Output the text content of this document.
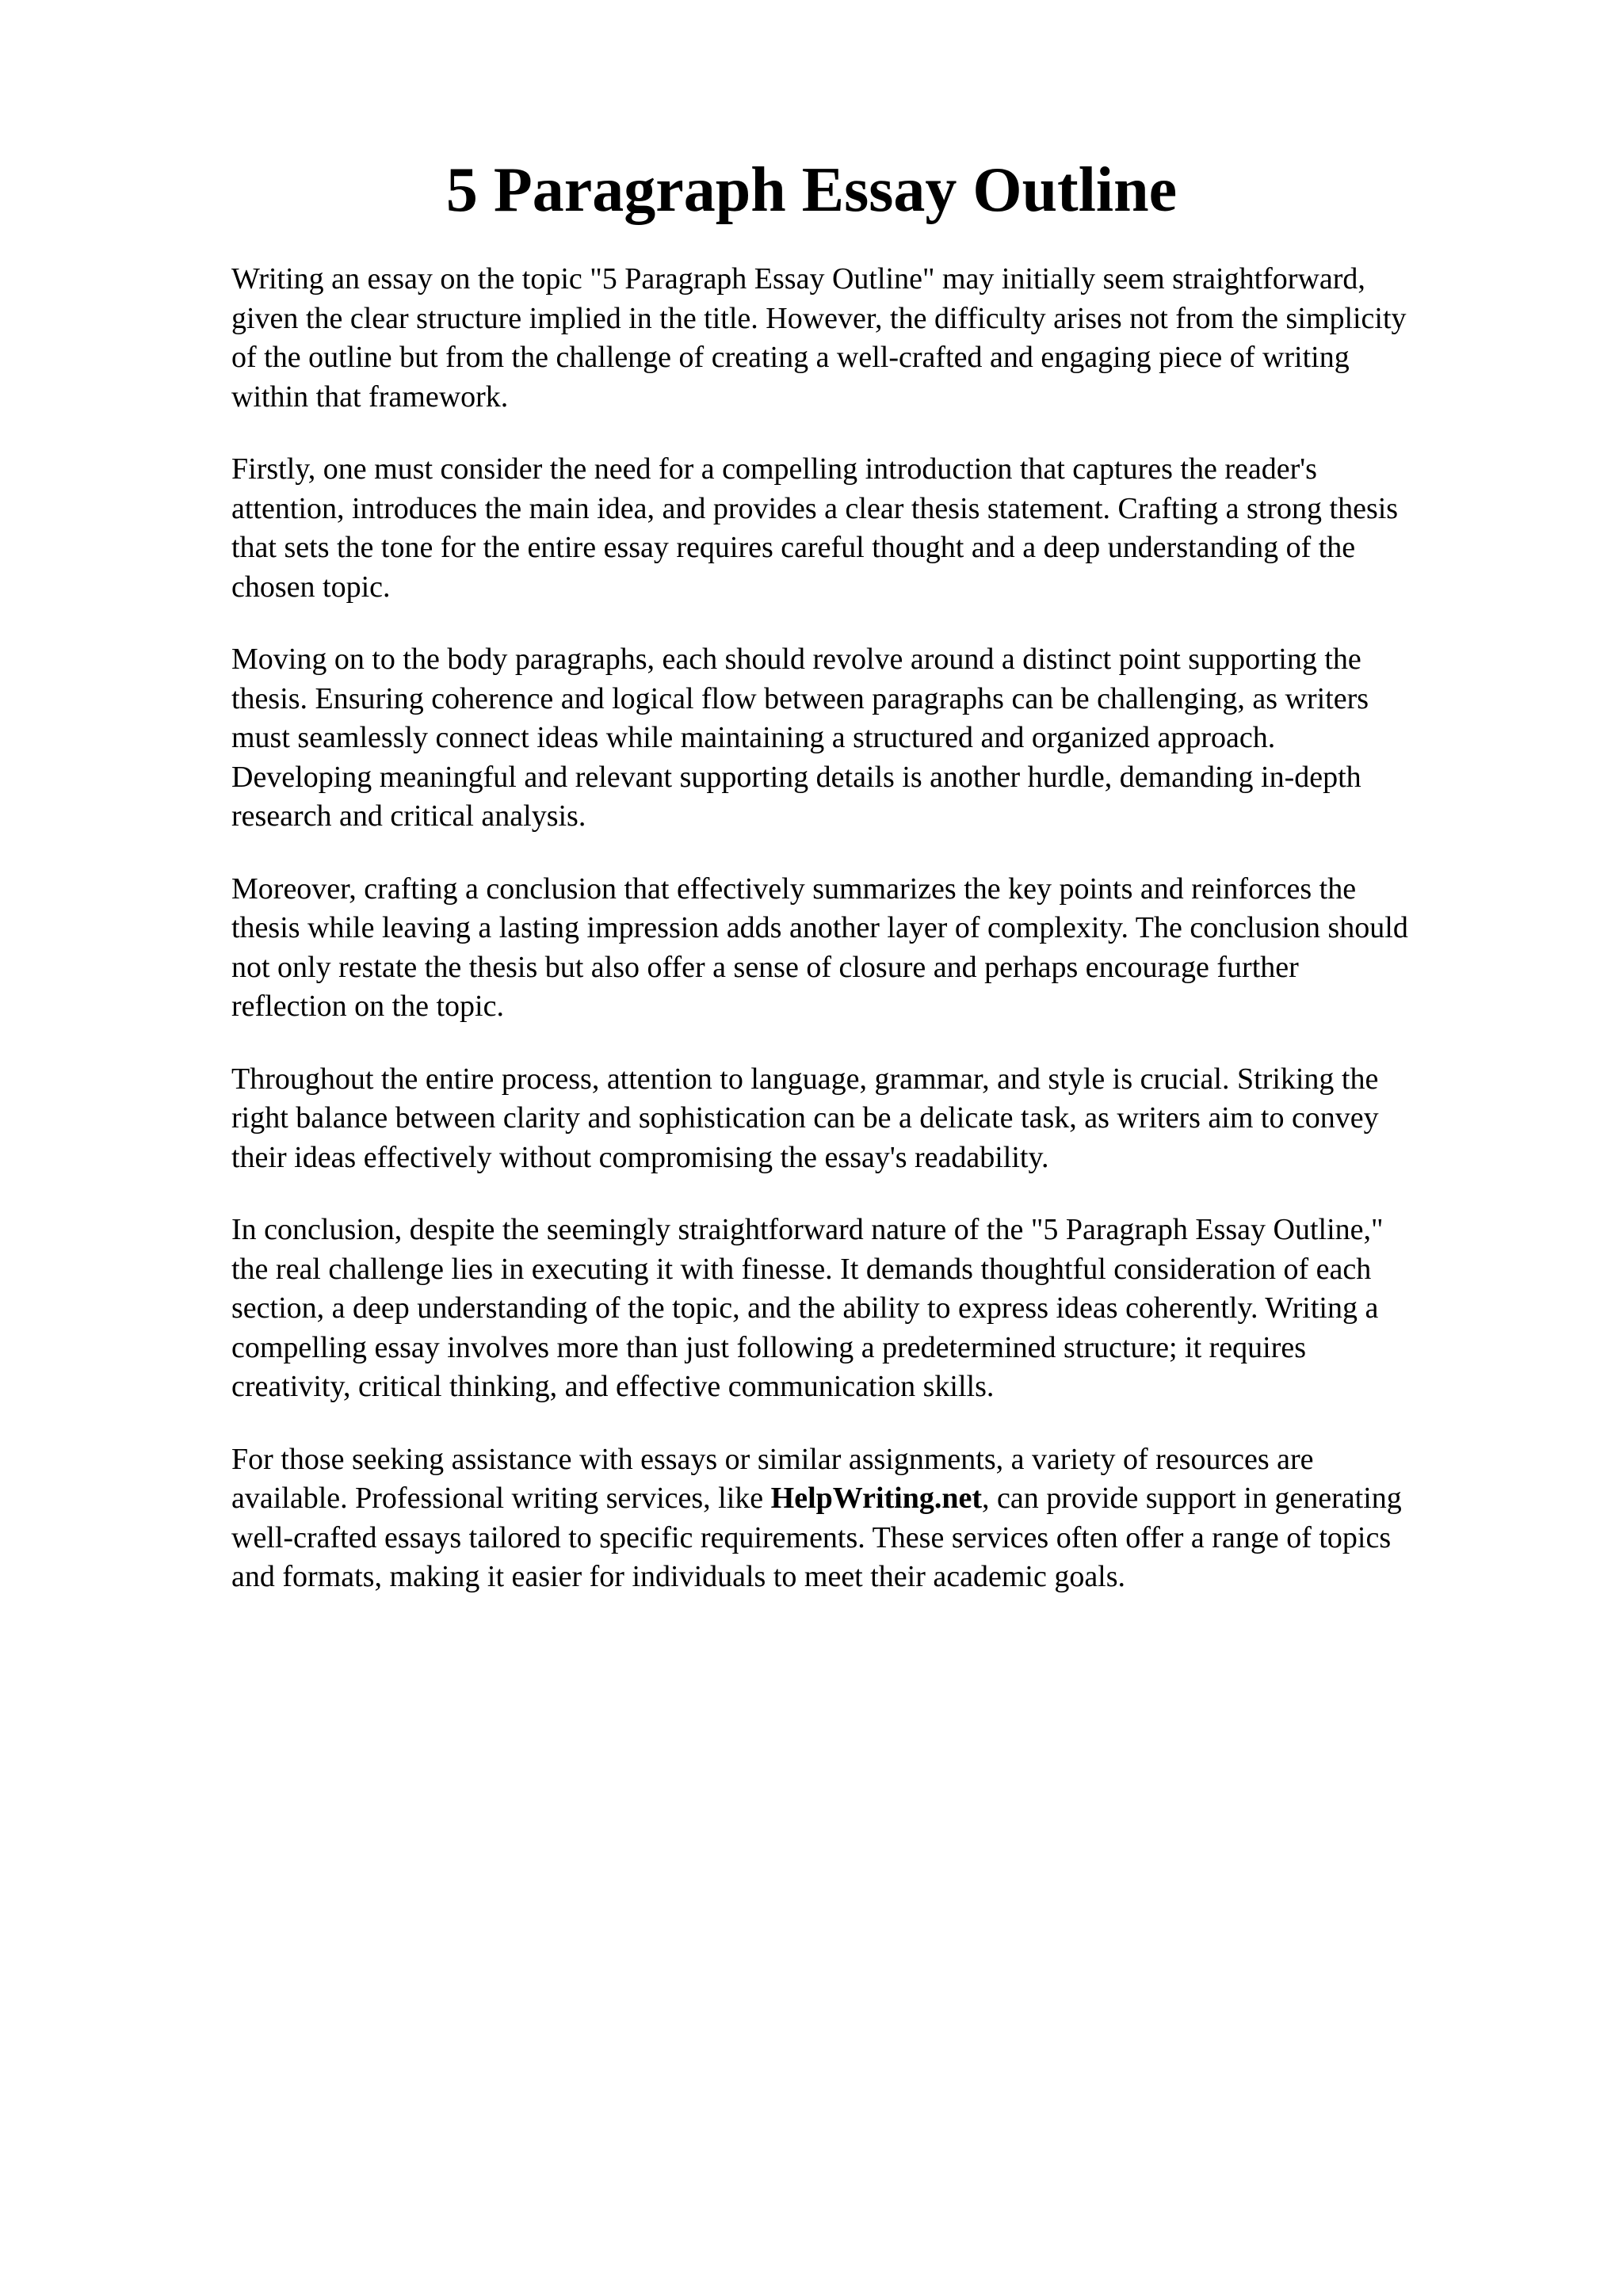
5 Paragraph Essay Outline

Writing an essay on the topic "5 Paragraph Essay Outline" may initially seem straightforward,
given the clear structure implied in the title. However, the difficulty arises not from the simplicity
of the outline but from the challenge of creating a well-crafted and engaging piece of writing
within that framework.

Firstly, one must consider the need for a compelling introduction that captures the reader's
attention, introduces the main idea, and provides a clear thesis statement. Crafting a strong thesis
that sets the tone for the entire essay requires careful thought and a deep understanding of the
chosen topic.

Moving on to the body paragraphs, each should revolve around a distinct point supporting the
thesis. Ensuring coherence and logical flow between paragraphs can be challenging, as writers
must seamlessly connect ideas while maintaining a structured and organized approach.
Developing meaningful and relevant supporting details is another hurdle, demanding in-depth
research and critical analysis.

Moreover, crafting a conclusion that effectively summarizes the key points and reinforces the
thesis while leaving a lasting impression adds another layer of complexity. The conclusion should
not only restate the thesis but also offer a sense of closure and perhaps encourage further
reflection on the topic.

Throughout the entire process, attention to language, grammar, and style is crucial. Striking the
right balance between clarity and sophistication can be a delicate task, as writers aim to convey
their ideas effectively without compromising the essay's readability.

In conclusion, despite the seemingly straightforward nature of the "5 Paragraph Essay Outline,"
the real challenge lies in executing it with finesse. It demands thoughtful consideration of each
section, a deep understanding of the topic, and the ability to express ideas coherently. Writing a
compelling essay involves more than just following a predetermined structure; it requires
creativity, critical thinking, and effective communication skills.

For those seeking assistance with essays or similar assignments, a variety of resources are
available. Professional writing services, like HelpWriting.net, can provide support in generating
well-crafted essays tailored to specific requirements. These services often offer a range of topics
and formats, making it easier for individuals to meet their academic goals.
